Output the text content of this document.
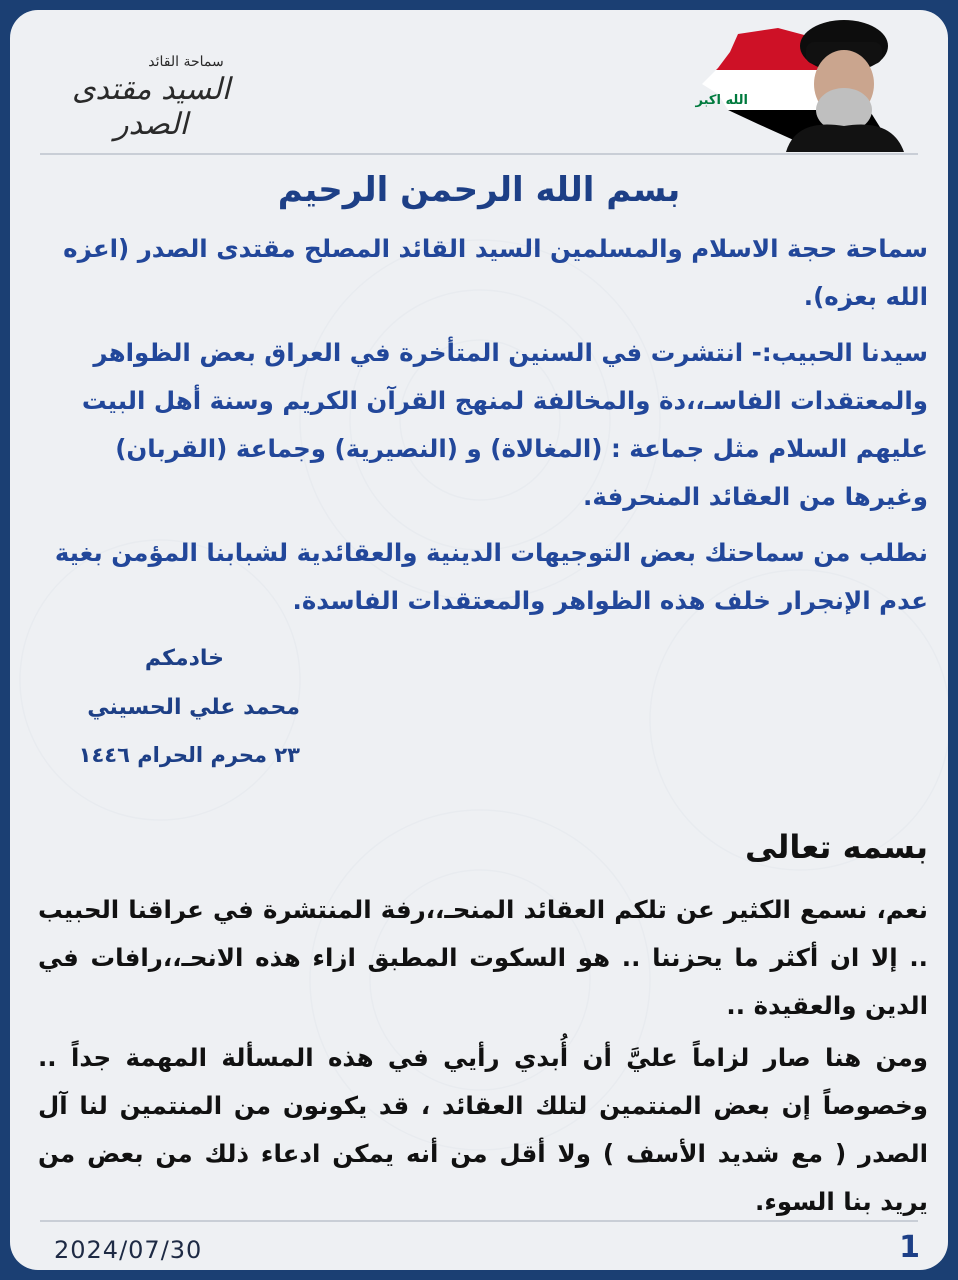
سماحة القائد
السيد مقتدى الصدر
الله اكبر
بسم الله الرحمن الرحيم

سماحة حجة الاسلام والمسلمين السيد القائد المصلح مقتدى الصدر (اعزه الله بعزه).

سيدنا الحبيب:- انتشرت في السنين المتأخرة في العراق بعض الظواهر والمعتقدات الفاسـ،،دة والمخالفة لمنهج القرآن الكريم وسنة أهل البيت عليهم السلام مثل جماعة : (المغالاة) و (النصيرية) وجماعة (القربان) وغيرها من العقائد المنحرفة.

نطلب من سماحتك بعض التوجيهات الدينية والعقائدية لشبابنا المؤمن بغية عدم الإنجرار خلف هذه الظواهر والمعتقدات الفاسدة.

خادمكم
محمد علي الحسيني
٢٣ محرم الحرام ١٤٤٦
بسمه تعالى

نعم، نسمع الكثير عن تلكم العقائد المنحـ،،رفة المنتشرة في عراقنا الحبيب .. إلا ان أكثر ما يحزننا .. هو السكوت المطبق ازاء هذه الانحـ،،رافات في الدين والعقيدة ..

ومن هنا صار لزاماً عليَّ أن أُبدي رأيي في هذه المسألة المهمة جداً .. وخصوصاً إن بعض المنتمين لتلك العقائد ، قد يكونون من المنتمين لنا آل الصدر ( مع شديد الأسف ) ولا أقل من أنه يمكن ادعاء ذلك من بعض من يريد بنا السوء.

2024/07/30	1
